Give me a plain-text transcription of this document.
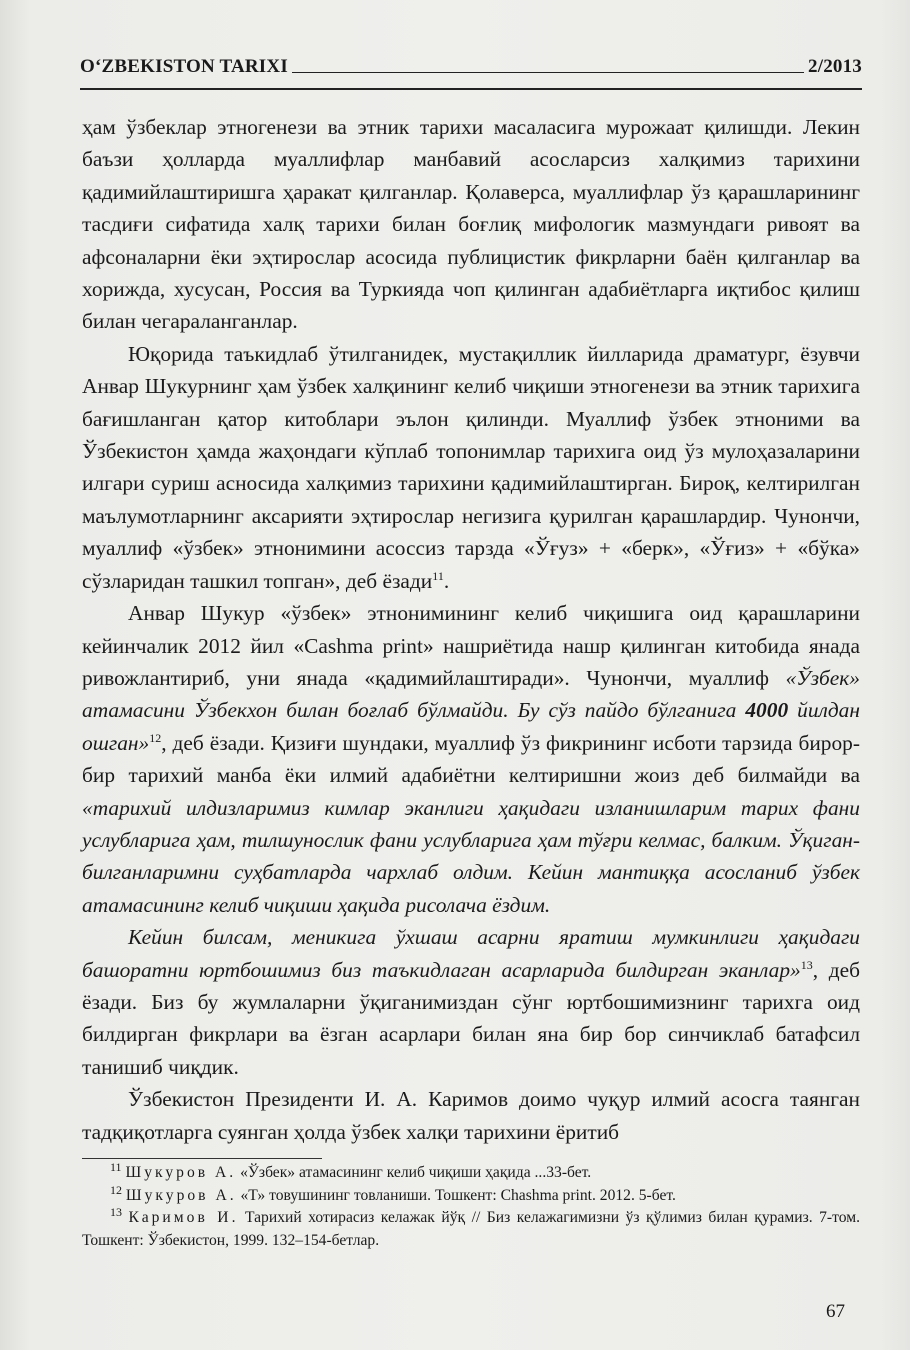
O‘ZBEKISTON TARIXI	2/2013

ҳам ўзбеклар этногенези ва этник тарихи масаласига мурожаат қилишди. Лекин баъзи ҳолларда муаллифлар манбавий асосларсиз халқимиз тарихини қадимийлаштиришга ҳаракат қилганлар. Қолаверса, муаллифлар ўз қарашларининг тасдиғи сифатида халқ тарихи билан боғлиқ мифологик мазмундаги ривоят ва афсоналарни ёки эҳтирослар асосида публицистик фикрларни баён қилганлар ва хорижда, хусусан, Россия ва Туркияда чоп қилинган адабиётларга иқтибос қилиш билан чегараланганлар.

Юқорида таъкидлаб ўтилганидек, мустақиллик йилларида драматург, ёзувчи Анвар Шукурнинг ҳам ўзбек халқининг келиб чиқиши этногенези ва этник тарихига бағишланган қатор китоблари эълон қилинди. Муаллиф ўзбек этноними ва Ўзбекистон ҳамда жаҳондаги кўплаб топонимлар тарихига оид ўз мулоҳазаларини илгари суриш асносида халқимиз тарихини қадимийлаштирган. Бироқ, келтирилган маълумотларнинг аксарияти эҳтирослар негизига қурилган қарашлардир. Чунончи, муаллиф «ўзбек» этнонимини асоссиз тарзда «Ўғуз» + «берк», «Ўғиз» + «бўка» сўзларидан ташкил топган», деб ёзади$^{11}$.

Анвар Шукур «ўзбек» этнонимининг келиб чиқишига оид қарашларини кейинчалик 2012 йил «Cashma print» нашриётида нашр қилинган китобида янада ривожлантириб, уни янада «қадимийлаштиради». Чунончи, муаллиф «Ўзбек» атамасини Ўзбекхон билан боғлаб бўлмайди. Бу сўз пайдо бўлганига 4000 йилдан ошган»$^{12}$, деб ёзади. Қизиғи шундаки, муаллиф ўз фикрининг исботи тарзида бирор-бир тарихий манба ёки илмий адабиётни келтиришни жоиз деб билмайди ва «тарихий илдизларимиз кимлар эканлиги ҳақидаги изланишларим тарих фани услубларига ҳам, тилшунослик фани услубларига ҳам тўғри келмас, балким. Ўқиган-билганларимни суҳбатларда чархлаб олдим. Кейин мантиққа асосланиб ўзбек атамасининг келиб чиқиши ҳақида рисолача ёздим.

Кейин билсам, меникига ўхшаш асарни яратиш мумкинлиги ҳақидаги башоратни юртбошимиз биз таъкидлаган асарларида билдирган эканлар»$^{13}$, деб ёзади. Биз бу жумлаларни ўқиганимиздан сўнг юртбошимизнинг тарихга оид билдирган фикрлари ва ёзган асарлари билан яна бир бор синчиклаб батафсил танишиб чиқдик.

Ўзбекистон Президенти И. А. Каримов доимо чуқур илмий асосга таянган тадқиқотларга суянган ҳолда ўзбек халқи тарихини ёритиб

$^{11}$ Шукуров А. «Ўзбек» атамасининг келиб чиқиши ҳақида ...33-бет.

$^{12}$ Шукуров А. «Т» товушининг товланиши. Тошкент: Chashma print. 2012. 5-бет.

$^{13}$ Каримов И. Тарихий хотирасиз келажак йўқ // Биз келажагимизни ўз қўлимиз билан қурамиз. 7-том. Тошкент: Ўзбекистон, 1999. 132–154-бетлар.

67
